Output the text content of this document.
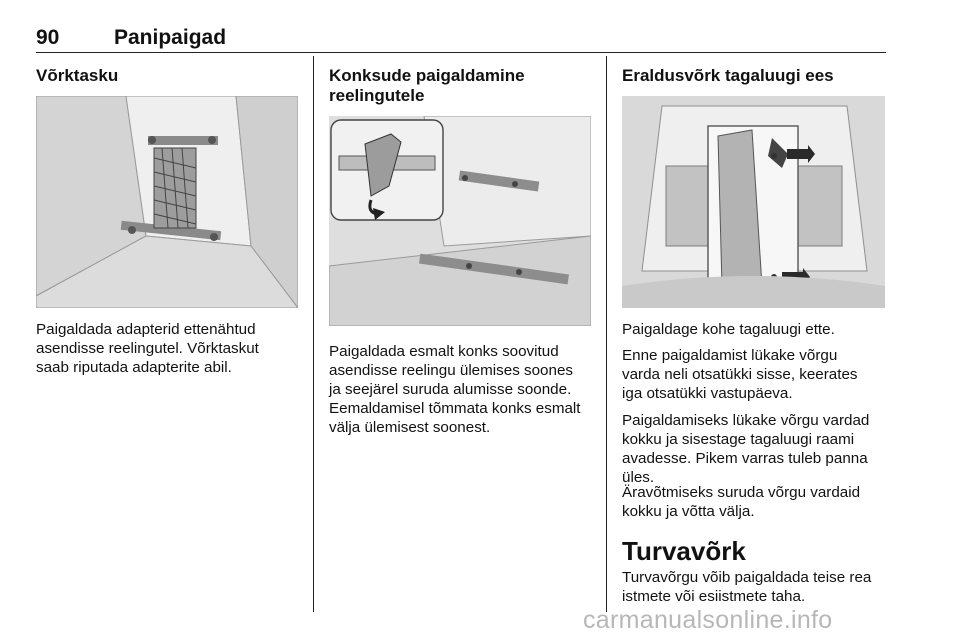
90	Panipaigad
Võrktasku
Paigaldada adapterid ettenähtud
asendisse reelingutel. Võrktaskut
saab riputada adapterite abil.
Konksude paigaldamine
reelingutele
Paigaldada esmalt konks soovitud
asendisse reelingu ülemises soones
ja seejärel suruda alumisse soonde.
Eemaldamisel tõmmata konks esmalt
välja ülemisest soonest.
Eraldusvõrk tagaluugi ees
Paigaldage kohe tagaluugi ette.
Enne paigaldamist lükake võrgu
varda neli otsatükki sisse, keerates
iga otsatükki vastupäeva.
Paigaldamiseks lükake võrgu vardad
kokku ja sisestage tagaluugi raami
avadesse. Pikem varras tuleb panna
üles.
Äravõtmiseks suruda võrgu vardaid
kokku ja võtta välja.
Turvavõrk
Turvavõrgu võib paigaldada teise rea
istmete või esiistmete taha.
carmanualsonline.info
